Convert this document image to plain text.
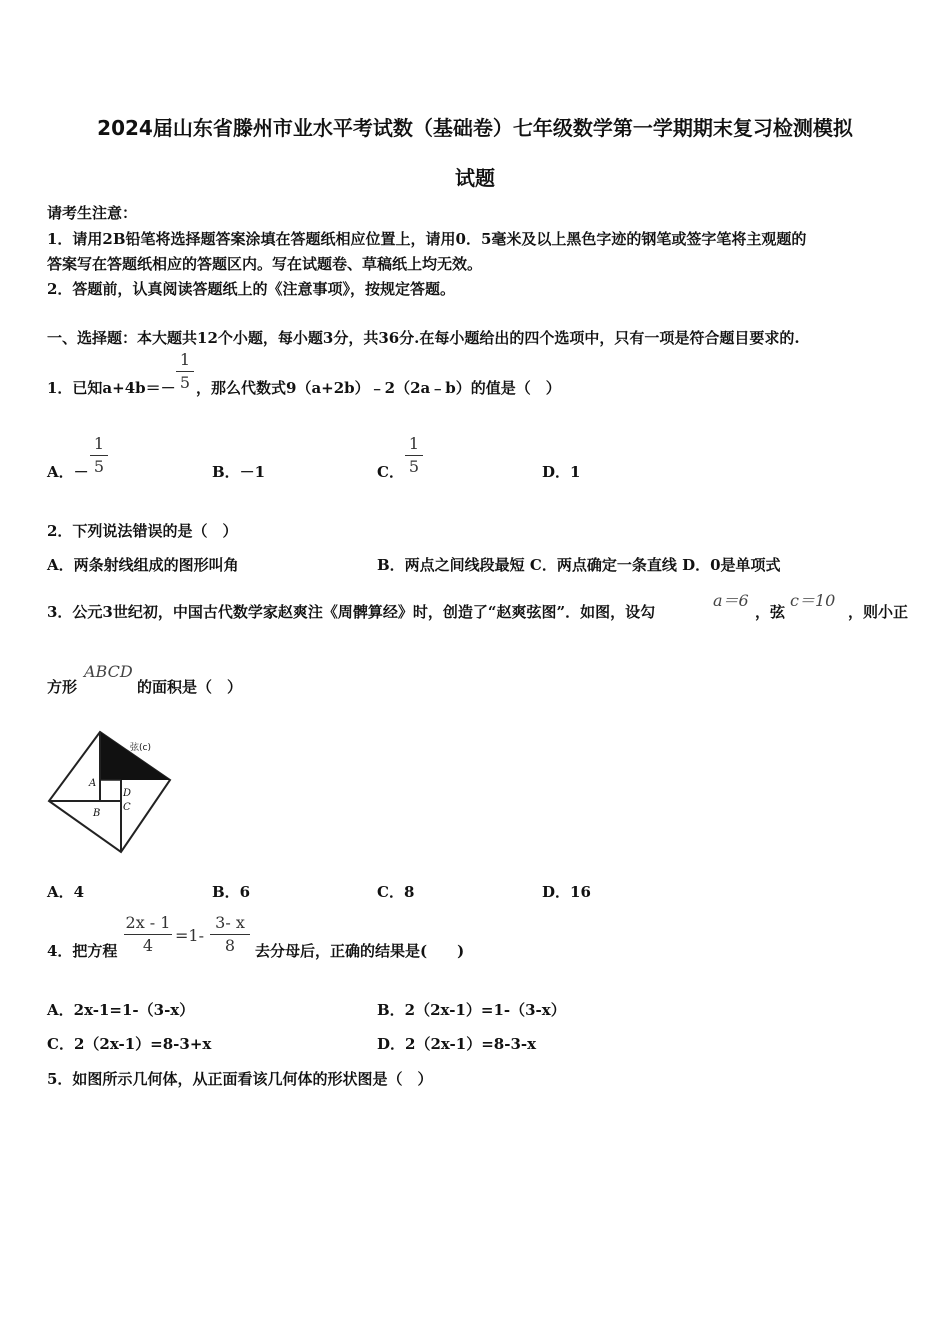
2024届山东省滕州市业水平考试数（基础卷）七年级数学第一学期期末复习检测模拟
试题
请考生注意：
1．请用2B铅笔将选择题答案涂填在答题纸相应位置上，请用0．5毫米及以上黑色字迹的钢笔或签字笔将主观题的
答案写在答题纸相应的答题区内。写在试题卷、草稿纸上均无效。
2．答题前，认真阅读答题纸上的《注意事项》，按规定答题。
一、选择题：本大题共12个小题，每小题3分，共36分.在每小题给出的四个选项中，只有一项是符合题目要求的.
1．已知a+4b＝－
1
5 ，那么代数式9（a+2b）﹣2（2a﹣b）的值是（　）
A．－
1
5	B．－1	C．
1
5	D．1
2．下列说法错误的是（　）
A．两条射线组成的图形叫角	B．两点之间线段最短 C．两点确定一条直线 D．0是单项式
3．公元3世纪初，中国古代数学家赵爽注《周髀算经》时，创造了“赵爽弦图”．如图，设勾
a＝6
，弦
c＝10
，则小正
方形
ABCD
的面积是（　）
弦(c)
A
D
B
C
A．4	B．6	C．8	D．16
4．把方程
2x - 1
4
=1-
3- x
8	去分母后，正确的结果是(　　)
A．2x-1=1-（3-x）	B．2（2x-1）=1-（3-x）
C．2（2x-1）=8-3+x	D．2（2x-1）=8-3-x
5．如图所示几何体，从正面看该几何体的形状图是（　）
